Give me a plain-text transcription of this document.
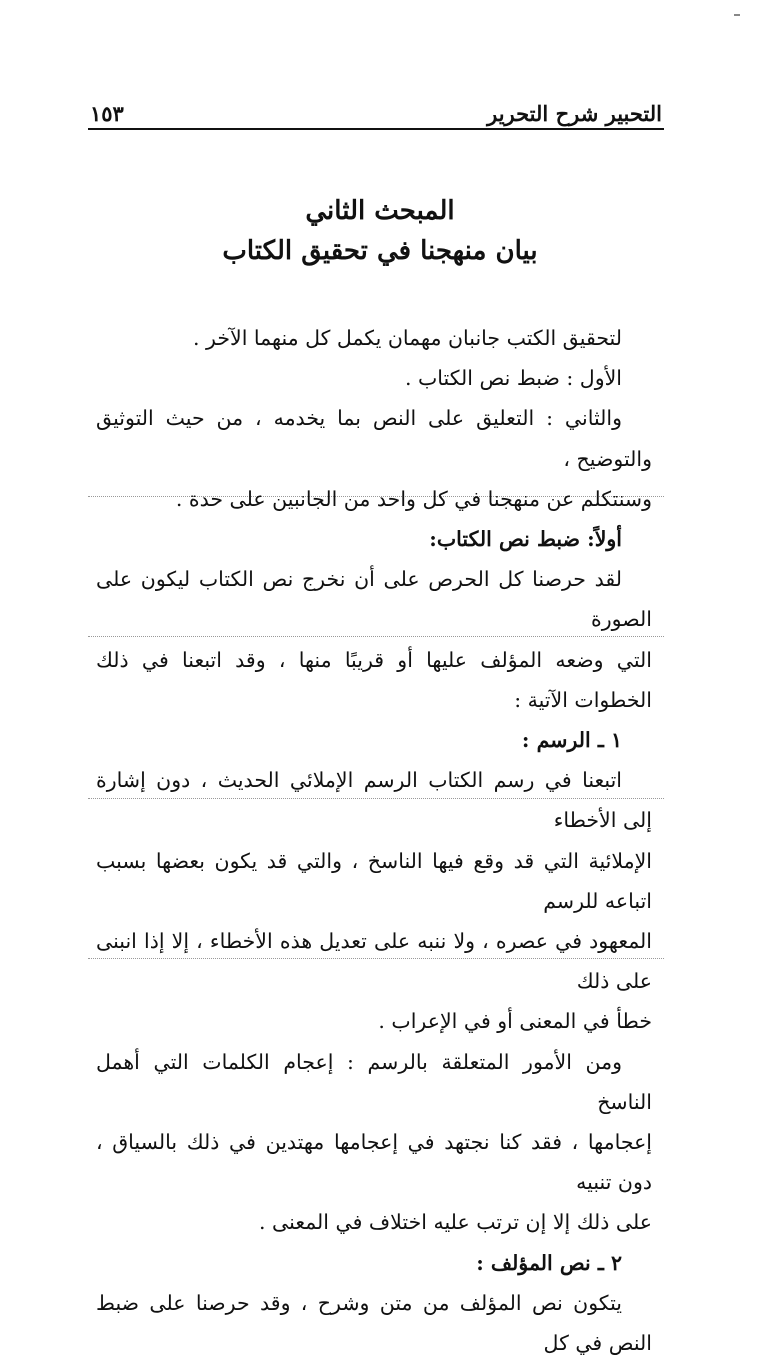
التحبير شرح التحرير
١٥٣
المبحث الثاني
بيان منهجنا في تحقيق الكتاب

لتحقيق الكتب جانبان مهمان يكمل كل منهما الآخر .

الأول : ضبط نص الكتاب .

والثاني : التعليق على النص بما يخدمه ، من حيث التوثيق والتوضيح ،

وسنتكلم عن منهجنا في كل واحد من الجانبين على حدة .

أولاً: ضبط نص الكتاب:

لقد حرصنا كل الحرص على أن نخرج نص الكتاب ليكون على الصورة

التي وضعه المؤلف عليها أو قريبًا منها ، وقد اتبعنا في ذلك الخطوات الآتية :

١ ـ الرسم :

اتبعنا في رسم الكتاب الرسم الإملائي الحديث ، دون إشارة إلى الأخطاء

الإملائية التي قد وقع فيها الناسخ ، والتي قد يكون بعضها بسبب اتباعه للرسم

المعهود في عصره ، ولا ننبه على تعديل هذه الأخطاء ، إلا إذا انبنى على ذلك

خطأ في المعنى أو في الإعراب .

ومن الأمور المتعلقة بالرسم : إعجام الكلمات التي أهمل الناسخ

إعجامها ، فقد كنا نجتهد في إعجامها مهتدين في ذلك بالسياق ، دون تنبيه

على ذلك إلا إن ترتب عليه اختلاف في المعنى .

٢ ـ نص المؤلف :

يتكون نص المؤلف من متن وشرح ، وقد حرصنا على ضبط النص في كل
